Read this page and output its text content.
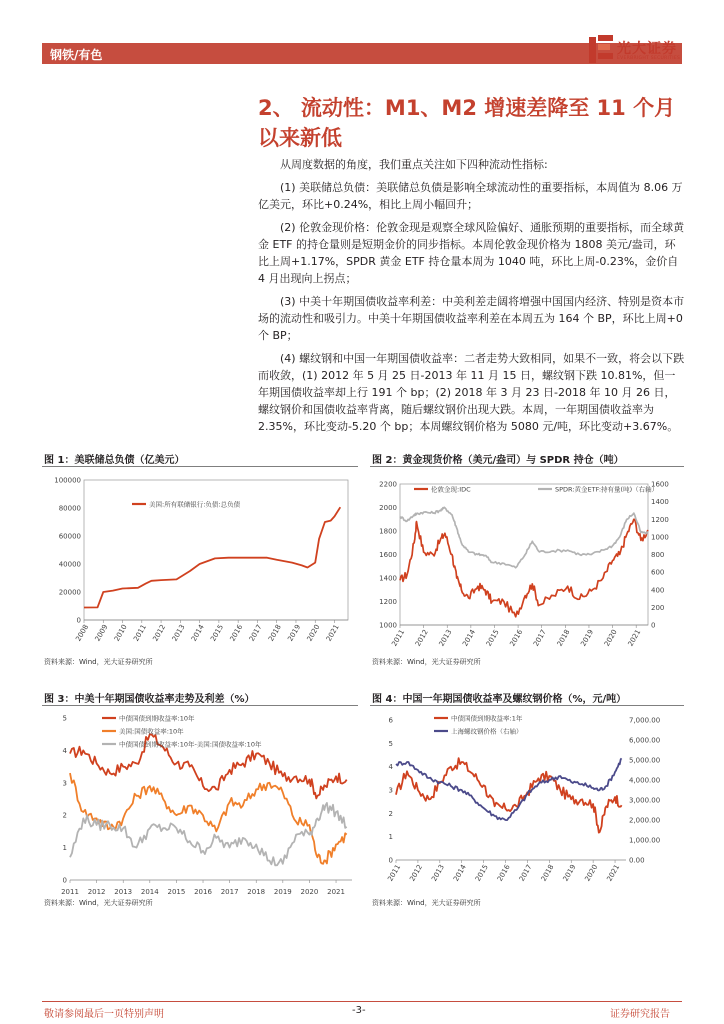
钢铁/有色	光大证券
EVERBRIGHT SECURITIES
2、 流动性：M1、M2 增速差降至 11 个月以来新低

从周度数据的角度，我们重点关注如下四种流动性指标:

(1) 美联储总负债：美联储总负债是影响全球流动性的重要指标，本周值为 8.06 万亿美元，环比+0.24%，相比上周小幅回升；

(2) 伦敦金现价格：伦敦金现是观察全球风险偏好、通胀预期的重要指标，而全球黄金 ETF 的持仓量则是短期金价的同步指标。本周伦敦金现价格为 1808 美元/盎司，环比上周+1.17%，SPDR 黄金 ETF 持仓量本周为 1040 吨，环比上周-0.23%，金价自 4 月出现向上拐点；

(3) 中美十年期国债收益率利差：中美利差走阔将增强中国国内经济、特别是资本市场的流动性和吸引力。中美十年期国债收益率利差在本周五为 164 个 BP，环比上周+0 个 BP；

(4) 螺纹钢和中国一年期国债收益率：二者走势大致相同，如果不一致，将会以下跌而收敛，(1) 2012 年 5 月 25 日-2013 年 11 月 15 日，螺纹钢下跌 10.81%，但一年期国债收益率却上行 191 个 bp；(2) 2018 年 3 月 23 日-2018 年 10 月 26 日，螺纹钢价和国债收益率背离，随后螺纹钢价出现大跌。本周，一年期国债收益率为 2.35%，环比变动-5.20 个 bp；本周螺纹钢价格为 5080 元/吨，环比变动+3.67%。

图 1：美联储总负债（亿美元）
0
20000
40000
60000
80000
100000
2008 2009 2010 2011 2012 2013 2014 2015 2016 2017 2018 2019 2020 2021
美国:所有联储银行:负债:总负债
资料来源：Wind，光大证券研究所
图 2：黄金现货价格（美元/盎司）与 SPDR 持仓（吨）
1000
1200
1400
1600
1800
2000
2200
0
200
400
600
800
1000
1200
1400
1600
2011 2012 2013 2014 2015 2016 2017 2018 2019 2020 2021
伦敦金现:IDC	SPDR:黄金ETF:持有量(吨)（右轴）
资料来源：Wind，光大证券研究所
图 3：中美十年期国债收益率走势及利差（%）
0
1
2
3
4
5
2011 2012 2013 2014 2015 2016 2017 2018 2019 2020 2021
中债国债到期收益率:10年
美国:国债收益率:10年
中债国债到期收益率:10年-美国:国债收益率:10年
资料来源：Wind，光大证券研究所
图 4：中国一年期国债收益率及螺纹钢价格（%，元/吨）
0
1
2
3
4
5
6
0.00
1,000.00
2,000.00
3,000.00
4,000.00
5,000.00
6,000.00
7,000.00
2011 2012 2013 2014 2015 2016 2017 2018 2019 2020 2021
中债国债到期收益率:1年
上海螺纹钢价格（右轴）
资料来源：Wind，光大证券研究所
敬请参阅最后一页特别声明	-3-	证券研究报告
